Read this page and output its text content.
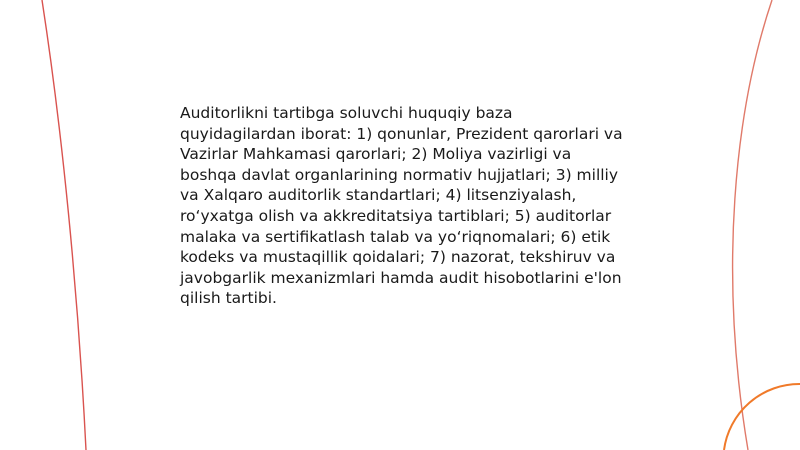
Auditorlikni tartibga soluvchi huquqiy baza quyidagilardan iborat: 1) qonunlar, Prezident qarorlari va Vazirlar Mahkamasi qarorlari; 2) Moliya vazirligi va boshqa davlat organlarining normativ hujjatlari; 3) milliy va Xalqaro auditorlik standartlari; 4) litsenziyalash, ro‘yxatga olish va akkreditatsiya tartiblari; 5) auditorlar malaka va sertifikatlash talab va yo‘riqnomalari; 6) etik kodeks va mustaqillik qoidalari; 7) nazorat, tekshiruv va javobgarlik mexanizmlari hamda audit hisobotlarini e'lon qilish tartibi.
